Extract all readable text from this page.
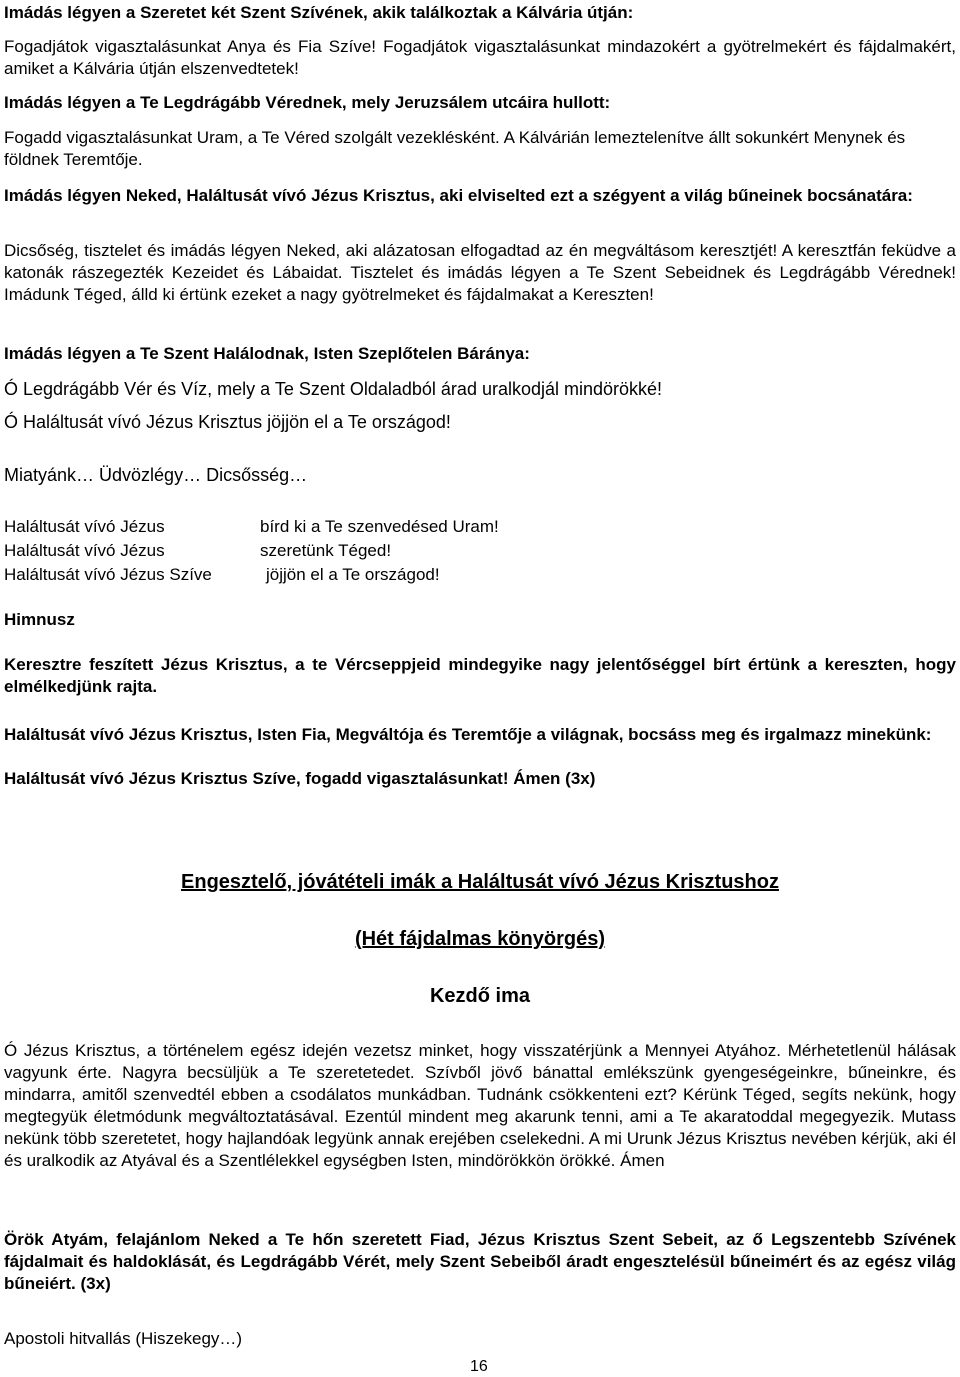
Imádás légyen a Szeretet két Szent Szívének, akik találkoztak a Kálvária útján:

Fogadjátok vigasztalásunkat Anya és Fia Szíve! Fogadjátok vigasztalásunkat mindazokért a gyötrelmekért és fájdalmakért, amiket a Kálvária útján elszenvedtetek!

Imádás légyen a Te Legdrágább Vérednek, mely Jeruzsálem utcáira hullott:

Fogadd vigasztalásunkat Uram, a Te Véred szolgált vezeklésként. A Kálvárián lemeztelenítve állt sokunkért Menynek és földnek Teremtője.

Imádás légyen Neked, Haláltusát vívó Jézus Krisztus, aki elviselted ezt a szégyent a világ bűneinek bocsánatára:

Dicsőség, tisztelet és imádás légyen Neked, aki alázatosan elfogadtad az én megváltásom keresztjét! A keresztfán feküdve a katonák rászegezték Kezeidet és Lábaidat. Tisztelet és imádás légyen a Te Szent Sebeidnek és Legdrágább Vérednek! Imádunk Téged, álld ki értünk ezeket a nagy gyötrelmeket és fájdalmakat a Kereszten!

Imádás légyen a Te Szent Halálodnak, Isten Szeplőtelen Báránya:

Ó Legdrágább Vér és Víz, mely a Te Szent Oldaladból árad uralkodjál mindörökké!

Ó Haláltusát vívó Jézus Krisztus jöjjön el a Te országod!

Miatyánk… Üdvözlégy… Dicsősség…

Haláltusát vívó Jézus	bírd ki a Te szenvedésed Uram!
Haláltusát vívó Jézus	szeretünk Téged!
Haláltusát vívó Jézus Szíve	jöjjön el a Te országod!

Himnusz

Keresztre feszített Jézus Krisztus, a te Vércseppjeid mindegyike nagy jelentőséggel bírt értünk a kereszten, hogy elmélkedjünk rajta.

Haláltusát vívó Jézus Krisztus, Isten Fia, Megváltója és Teremtője a világnak, bocsáss meg és irgalmazz minekünk:

Haláltusát vívó Jézus Krisztus Szíve, fogadd vigasztalásunkat! Ámen (3x)

Engesztelő, jóvátételi imák a Haláltusát vívó Jézus Krisztushoz

(Hét fájdalmas könyörgés)

Kezdő ima

Ó Jézus Krisztus, a történelem egész idején vezetsz minket, hogy visszatérjünk a Mennyei Atyához. Mérhetetlenül hálásak vagyunk érte. Nagyra becsüljük a Te szeretetedet. Szívből jövő bánattal emlékszünk gyengeségeinkre, bűneinkre, és mindarra, amitől szenvedtél ebben a csodálatos munkádban. Tudnánk csökkenteni ezt? Kérünk Téged, segíts nekünk, hogy megtegyük életmódunk megváltoztatásával. Ezentúl mindent meg akarunk tenni, ami a Te akaratoddal megegyezik. Mutass nekünk több szeretetet, hogy hajlandóak legyünk annak erejében cselekedni. A mi Urunk Jézus Krisztus nevében kérjük, aki él és uralkodik az Atyával és a Szentlélekkel egységben Isten, mindörökkön örökké. Ámen

Örök Atyám, felajánlom Neked a Te hőn szeretett Fiad, Jézus Krisztus Szent Sebeit, az ő Legszentebb Szívének fájdalmait és haldoklását, és Legdrágább Vérét, mely Szent Sebeiből áradt engesztelésül bűneimért és az egész világ bűneiért. (3x)

Apostoli hitvallás (Hiszekegy…)

16
